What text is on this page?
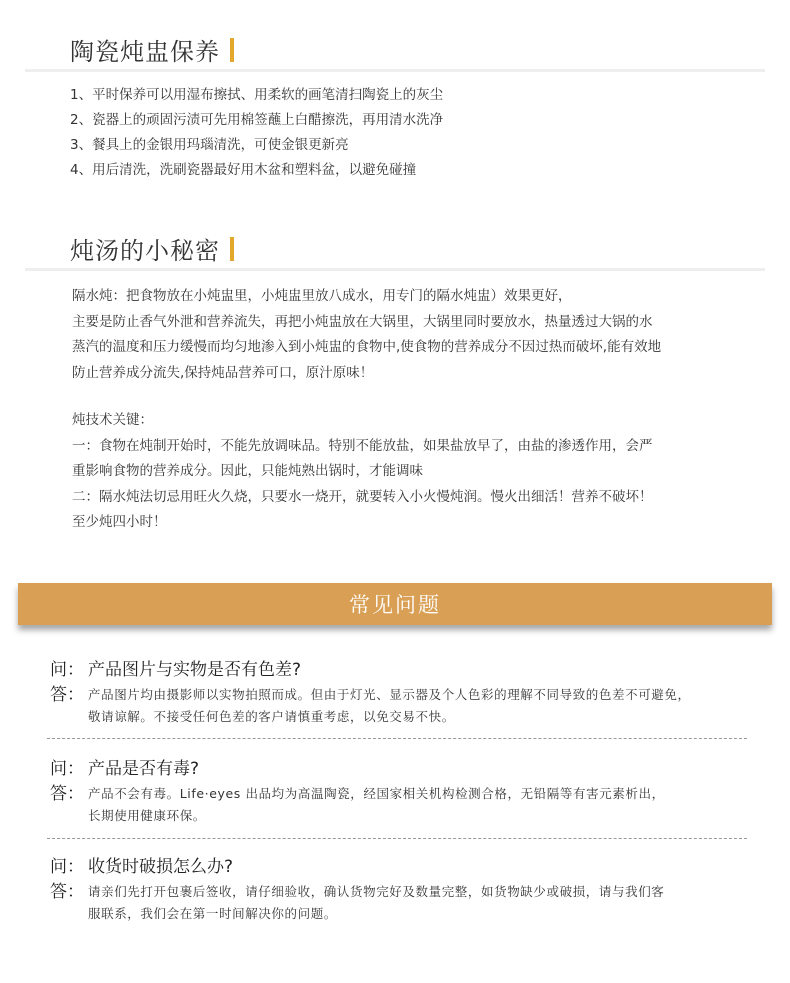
陶瓷炖盅保养
1、平时保养可以用湿布擦拭、用柔软的画笔清扫陶瓷上的灰尘
2、瓷器上的顽固污渍可先用棉签蘸上白醋擦洗，再用清水洗净
3、餐具上的金银用玛瑙清洗，可使金银更新亮
4、用后清洗，洗刷瓷器最好用木盆和塑料盆，以避免碰撞
炖汤的小秘密
隔水炖：把食物放在小炖盅里，小炖盅里放八成水，用专门的隔水炖盅）效果更好，
主要是防止香气外泄和营养流失，再把小炖盅放在大锅里，大锅里同时要放水，热量透过大锅的水
蒸汽的温度和压力缓慢而均匀地渗入到小炖盅的食物中,使食物的营养成分不因过热而破坏,能有效地
防止营养成分流失,保持炖品营养可口，原汁原味！
炖技术关键：
一：食物在炖制开始时，不能先放调味品。特别不能放盐，如果盐放早了，由盐的渗透作用，会严
重影响食物的营养成分。因此，只能炖熟出锅时，才能调味
二：隔水炖法切忌用旺火久烧，只要水一烧开，就要转入小火慢炖润。慢火出细活！营养不破坏！
至少炖四小时！
常见问题
问： 产品图片与实物是否有色差?
答： 产品图片均由摄影师以实物拍照而成。但由于灯光、显示器及个人色彩的理解不同导致的色差不可避免，
敬请谅解。不接受任何色差的客户请慎重考虑，以免交易不快。
问： 产品是否有毒?
答： 产品不会有毒。Life·eyes 出品均为高温陶瓷，经国家相关机构检测合格，无铅隔等有害元素析出，
长期使用健康环保。
问： 收货时破损怎么办?
答： 请亲们先打开包裹后签收，请仔细验收，确认货物完好及数量完整，如货物缺少或破损，请与我们客
服联系，我们会在第一时间解决你的问题。
